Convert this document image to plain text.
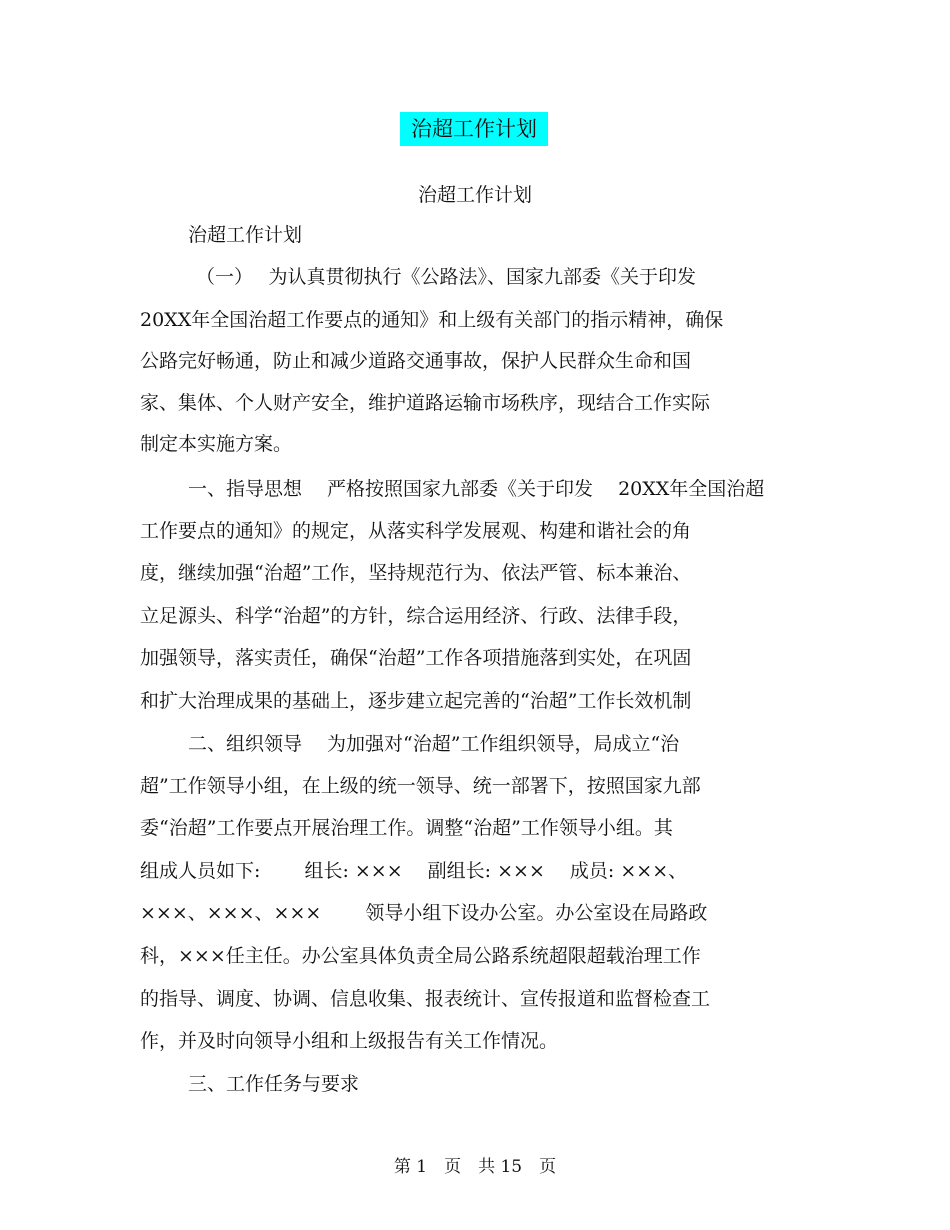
治超工作计划
治超工作计划
治超工作计划
（一）　 为认真贯彻执行《公路法》、国家九部委《关于印发
20XX年全国治超工作要点的通知》和上级有关部门的指示精神，确保
公路完好畅通，防止和减少道路交通事故，保护人民群众生命和国
家、集体、个人财产安全，维护道路运输市场秩序，现结合工作实际
制定本实施方案。
一、指导思想　 严格按照国家九部委《关于印发　 20XX年全国治超
工作要点的通知》的规定，从落实科学发展观、构建和谐社会的角
度，继续加强“治超”工作，坚持规范行为、依法严管、标本兼治、
立足源头、科学“治超”的方针，综合运用经济、行政、法律手段，
加强领导，落实责任，确保“治超”工作各项措施落到实处，在巩固
和扩大治理成果的基础上，逐步建立起完善的“治超”工作长效机制
二、组织领导　 为加强对“治超”工作组织领导，局成立“治
超”工作领导小组，在上级的统一领导、统一部署下，按照国家九部
委“治超”工作要点开展治理工作。调整“治超”工作领导小组。其
组成人员如下:　　 组长: ×××　 副组长: ×××　 成员: ×××、
×××、×××、×××　　 领导小组下设办公室。办公室设在局路政
科，×××任主任。办公室具体负责全局公路系统超限超载治理工作
的指导、调度、协调、信息收集、报表统计、宣传报道和监督检查工
作，并及时向领导小组和上级报告有关工作情况。
三、工作任务与要求
第 1　页　共 15　页
